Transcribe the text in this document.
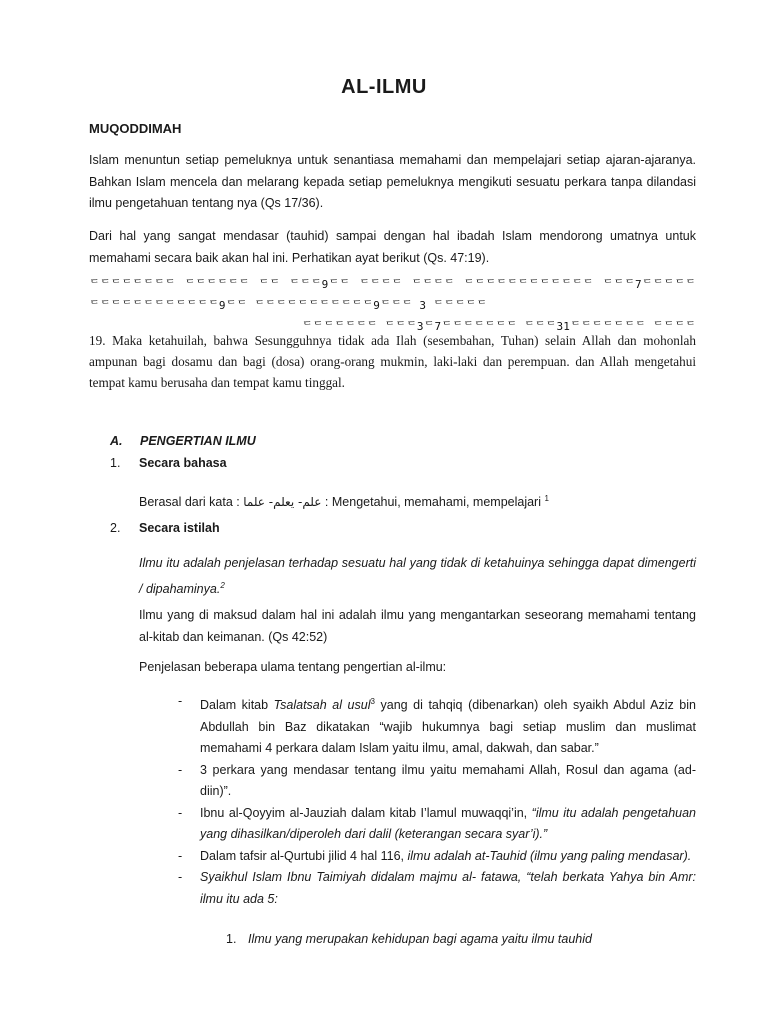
AL-ILMU
MUQODDIMAH
Islam menuntun setiap pemeluknya untuk senantiasa memahami dan mempelajari setiap ajaran-ajaranya. Bahkan Islam mencela dan melarang kepada setiap pemeluknya mengikuti sesuatu perkara tanpa dilandasi ilmu pengetahuan tentang nya (Qs 17/36).
Dari hal yang sangat mendasar (tauhid) sampai dengan hal ibadah Islam mendorong umatnya untuk memahami secara baik akan hal ini. Perhatikan ayat berikut (Qs. 47:19).
ᄃᄃᄃᄃᄃᄃᄃᄃ ᄃᄃᄃᄃᄃᄃ ᄃᄃ ᄃᄃᄃ9ᄃᄃ ᄃᄃᄃᄃ ᄃᄃᄃᄃ ᄃᄃᄃᄃᄃᄃᄃᄃᄃᄃᄃᄃ ᄃᄃᄃ7ᄃᄃᄃᄃᄃ ᄃᄃᄃᄃᄃᄃᄃᄃᄃᄃᄃᄃ9ᄃᄃ ᄃᄃᄃᄃᄃᄃᄃᄃᄃᄃᄃ9ᄃᄃᄃ 3 ᄃᄃᄃᄃᄃ
ᄃᄃᄃᄃᄃᄃᄃ ᄃᄃᄃ3ᄃ7ᄃᄃᄃᄃᄃᄃᄃ ᄃᄃᄃ31ᄃᄃᄃᄃᄃᄃᄃ ᄃᄃᄃᄃ
19. Maka ketahuilah, bahwa Sesungguhnya tidak ada Ilah (sesembahan, Tuhan) selain Allah dan mohonlah ampunan bagi dosamu dan bagi (dosa) orang-orang mukmin, laki-laki dan perempuan. dan Allah mengetahui tempat kamu berusaha dan tempat kamu tinggal.
A. PENGERTIAN ILMU
1. Secara bahasa
Berasal dari kata : علم- يعلم- علما : Mengetahui, memahami, mempelajari $^1$
2. Secara istilah
Ilmu itu adalah penjelasan terhadap sesuatu hal yang tidak di ketahuinya sehingga dapat dimengerti / dipahaminya.$^2$
Ilmu yang di maksud dalam hal ini adalah ilmu yang mengantarkan seseorang memahami tentang al-kitab dan keimanan. (Qs 42:52)
Penjelasan beberapa ulama tentang pengertian al-ilmu:
- Dalam kitab Tsalatsah al usul$^3$ yang di tahqiq (dibenarkan) oleh syaikh Abdul Aziz bin Abdullah bin Baz dikatakan “wajib hukumnya bagi setiap muslim dan muslimat memahami 4 perkara dalam Islam yaitu ilmu, amal, dakwah, dan sabar.”
- 3 perkara yang mendasar tentang ilmu yaitu memahami Allah, Rosul dan agama (ad-diin)”.
- Ibnu al-Qoyyim al-Jauziah dalam kitab I’lamul muwaqqi’in, “ilmu itu adalah pengetahuan yang dihasilkan/diperoleh dari dalil (keterangan secara syar’i).”
- Dalam tafsir al-Qurtubi jilid 4 hal 116, ilmu adalah at-Tauhid (ilmu yang paling mendasar).
- Syaikhul Islam Ibnu Taimiyah didalam majmu al- fatawa, “telah berkata Yahya bin Amr: ilmu itu ada 5:
1. Ilmu yang merupakan kehidupan bagi agama yaitu ilmu tauhid
